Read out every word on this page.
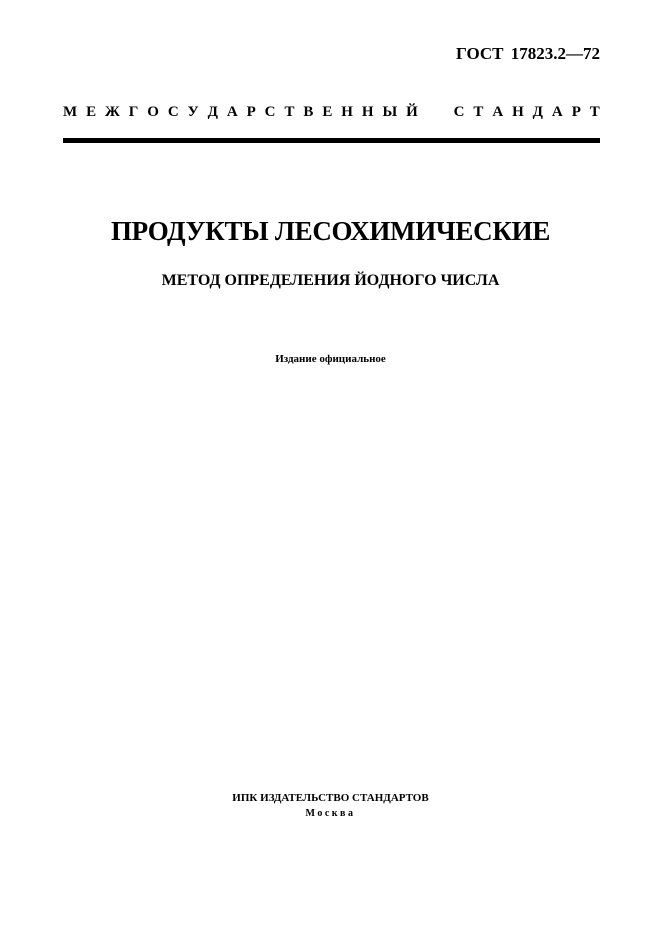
ГОСТ 17823.2—72
М Е Ж Г О С У Д А Р С Т В Е Н Н Ы Й С Т А Н Д А Р Т
ПРОДУКТЫ ЛЕСОХИМИЧЕСКИЕ
МЕТОД ОПРЕДЕЛЕНИЯ ЙОДНОГО ЧИСЛА
Издание официальное
ИПК ИЗДАТЕЛЬСТВО СТАНДАРТОВ
Москва
